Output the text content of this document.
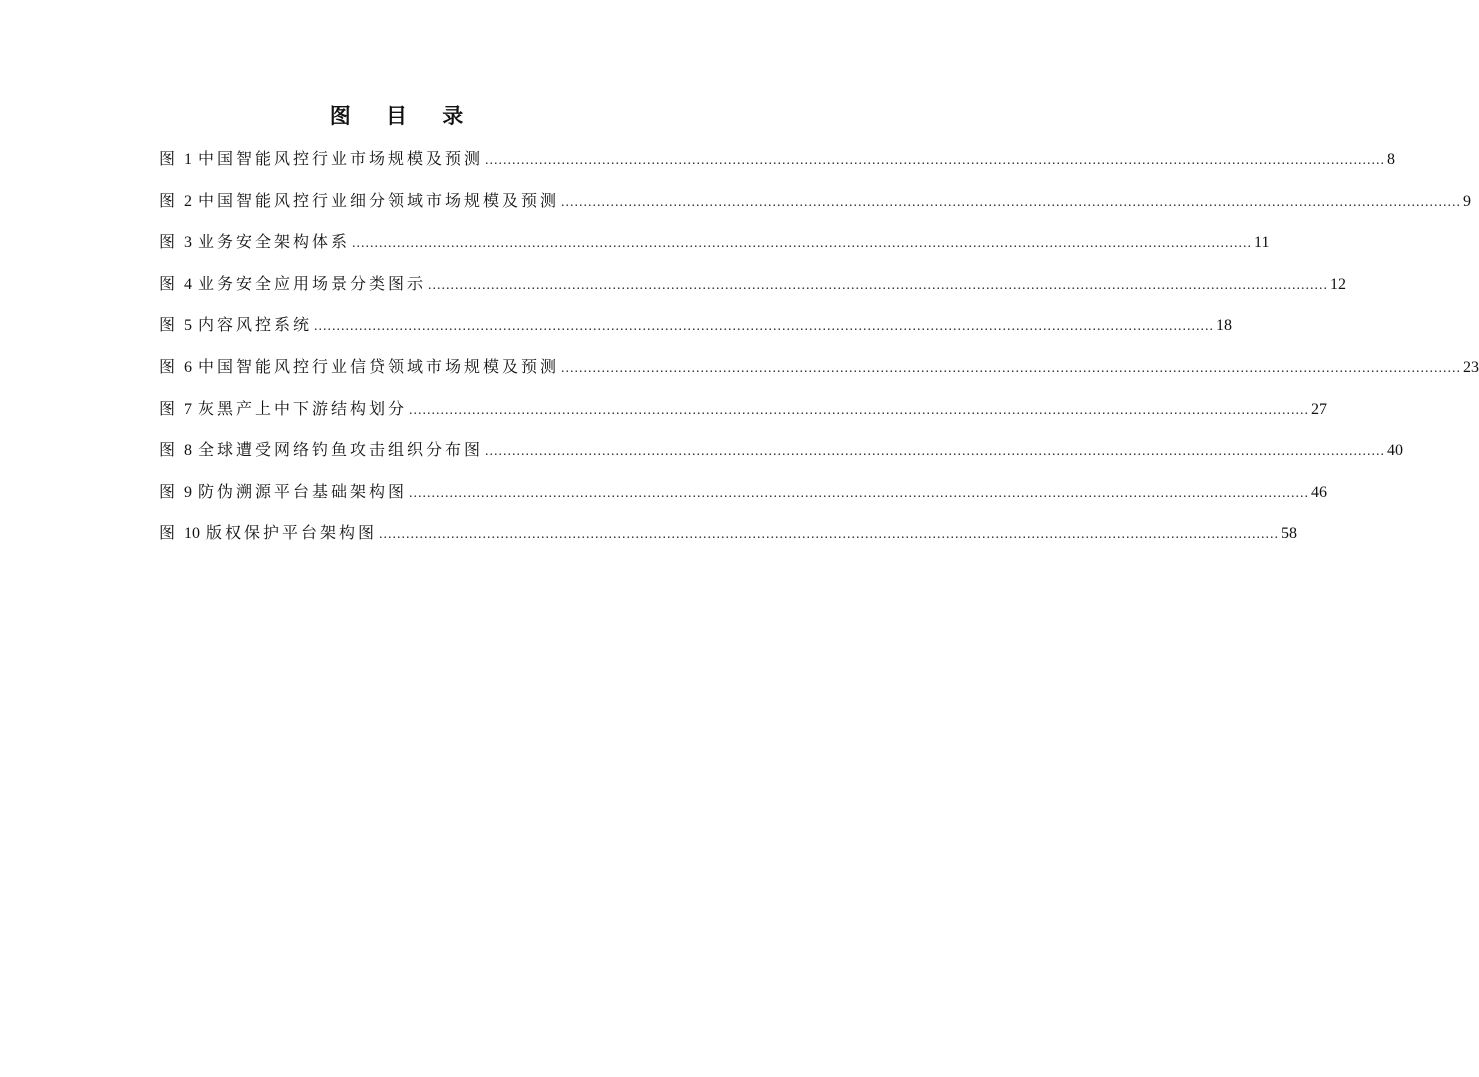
图 目 录
图 1 中国智能风控行业市场规模及预测 ........................................................................................................................................................................................................ 8
图 2 中国智能风控行业细分领域市场规模及预测 ........................................................................................................................................................................................................ 9
图 3 业务安全架构体系 ........................................................................................................................................................................................................ 11
图 4 业务安全应用场景分类图示 ........................................................................................................................................................................................................ 12
图 5 内容风控系统 ........................................................................................................................................................................................................ 18
图 6 中国智能风控行业信贷领域市场规模及预测 ........................................................................................................................................................................................................ 23
图 7 灰黑产上中下游结构划分 ........................................................................................................................................................................................................ 27
图 8 全球遭受网络钓鱼攻击组织分布图 ........................................................................................................................................................................................................ 40
图 9 防伪溯源平台基础架构图 ........................................................................................................................................................................................................ 46
图 10 版权保护平台架构图 ........................................................................................................................................................................................................ 58
